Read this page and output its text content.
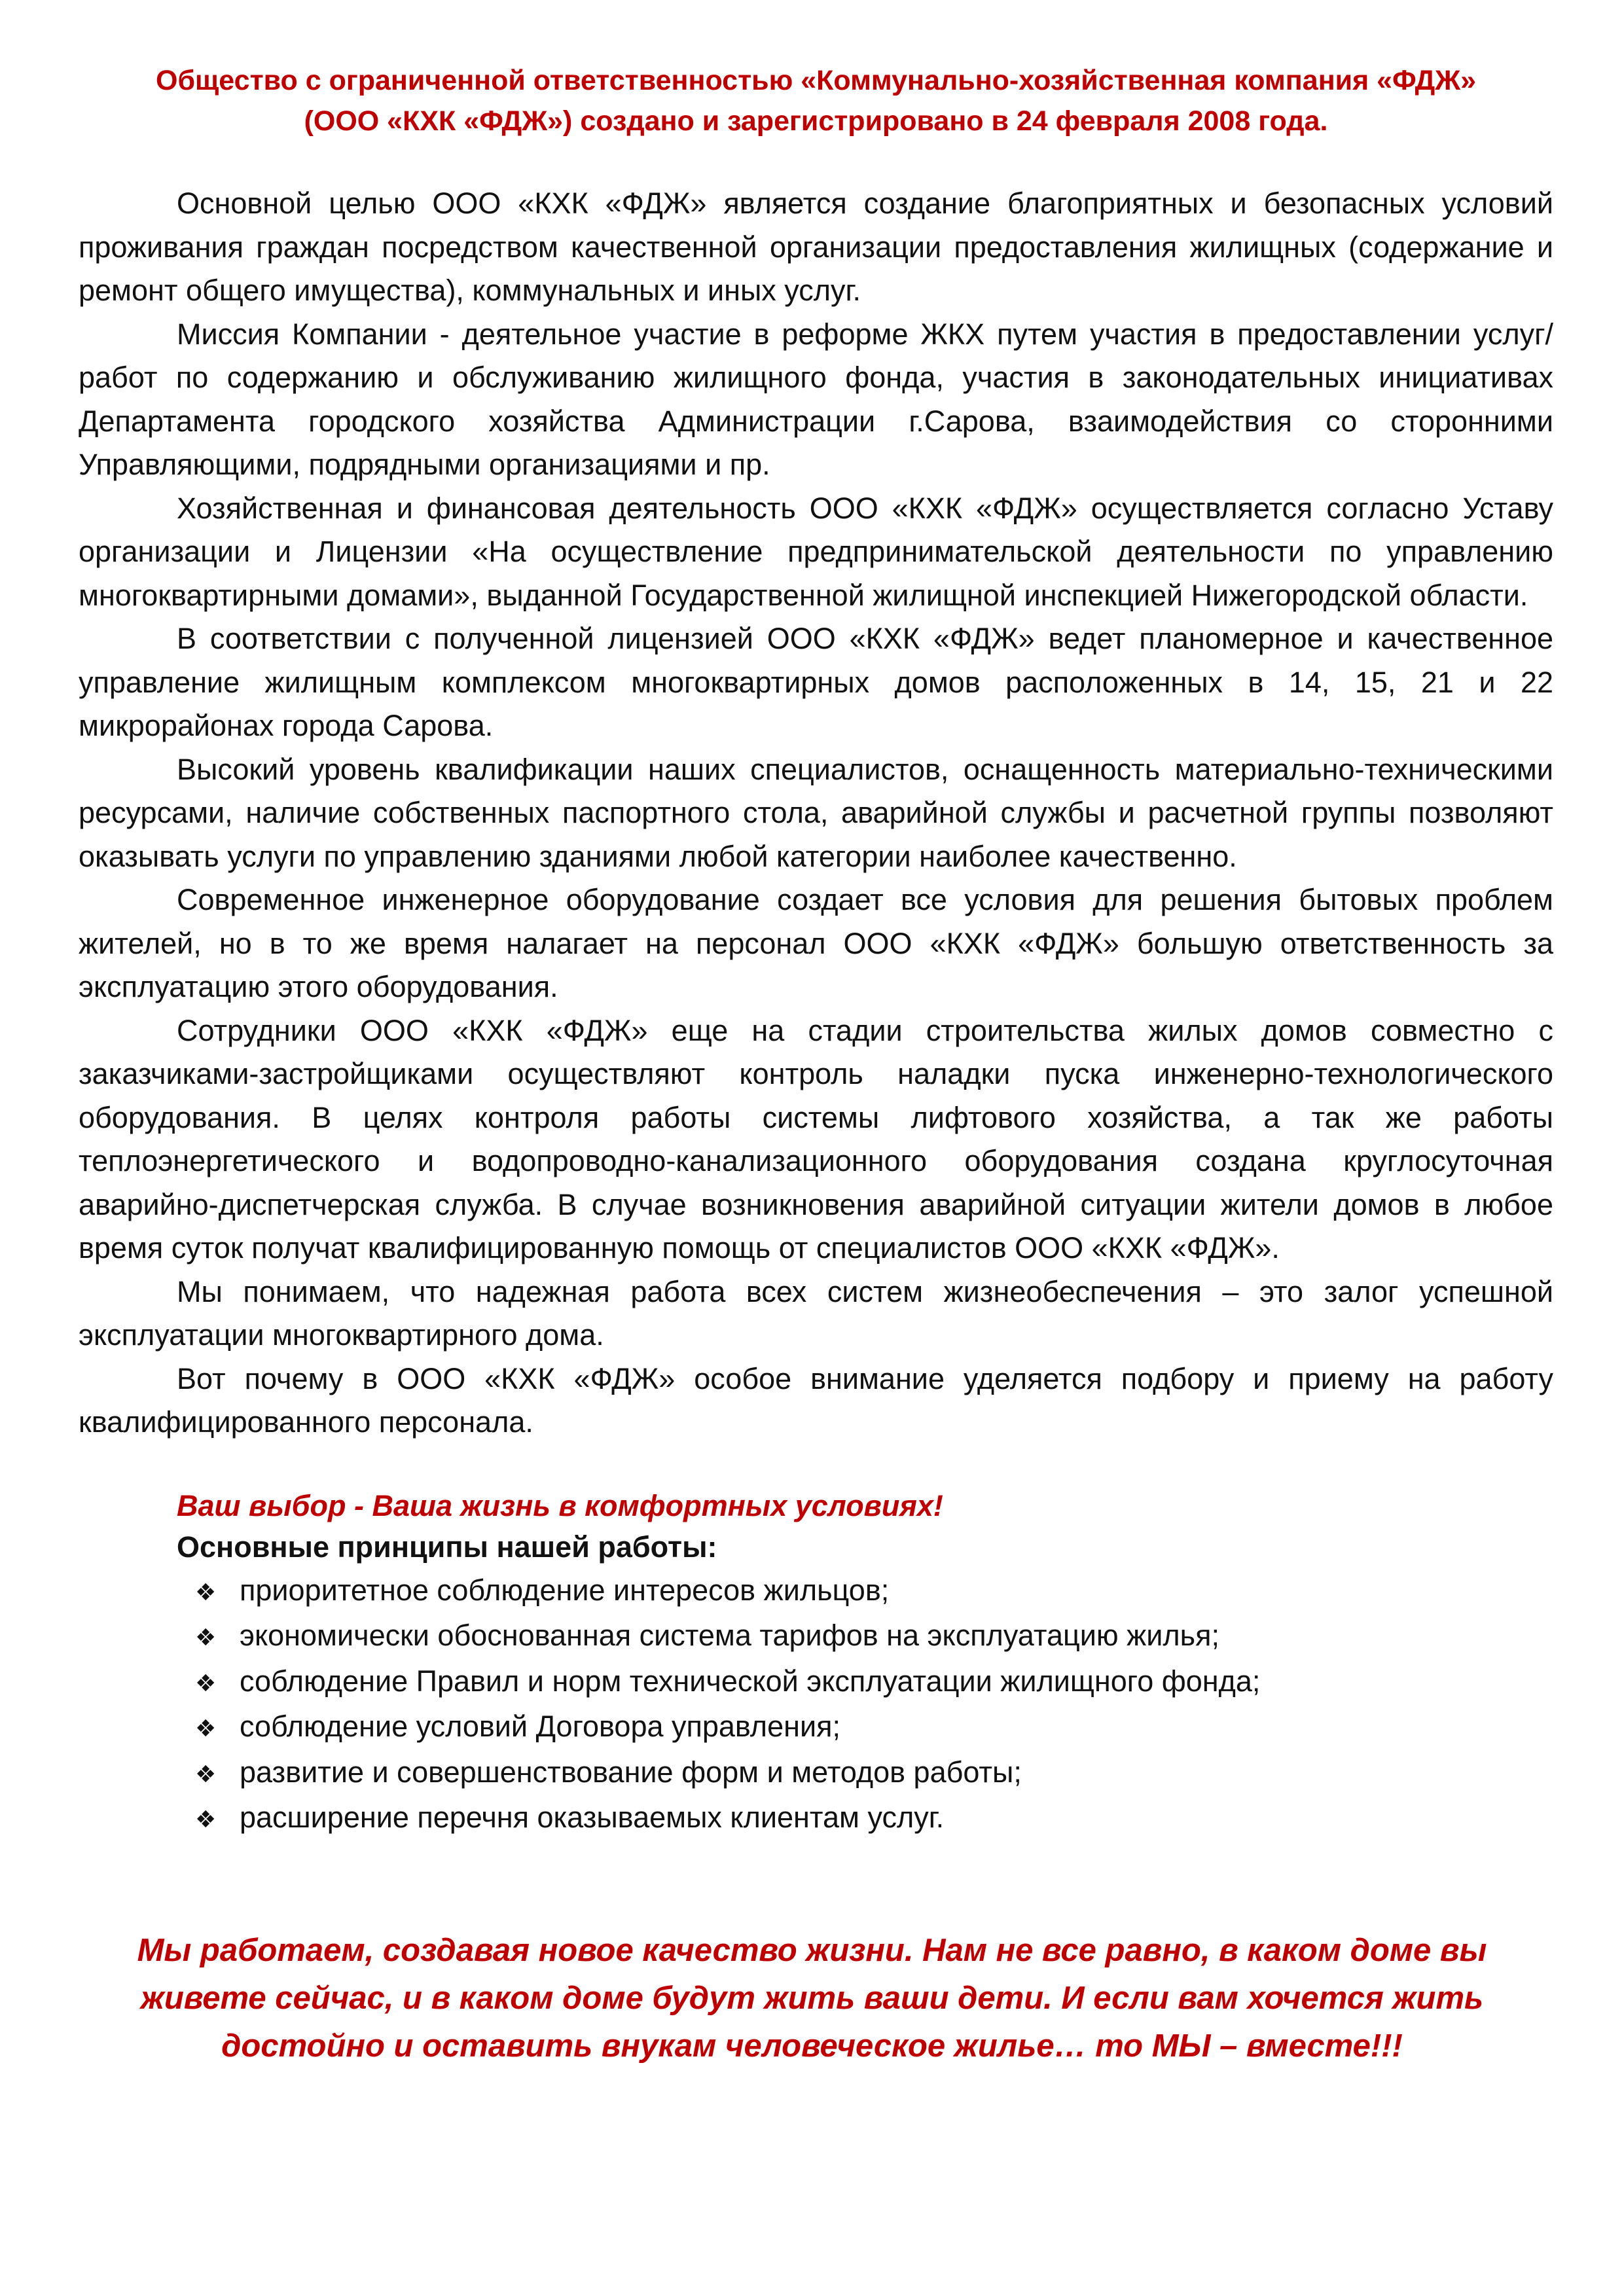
Общество с ограниченной ответственностью «Коммунально-хозяйственная компания «ФДЖ»
(ООО «КХК «ФДЖ») создано и зарегистрировано в 24 февраля 2008 года.

Основной целью ООО «КХК «ФДЖ» является создание благоприятных и безопасных условий проживания граждан посредством качественной организации предоставления жилищных (содержание и ремонт общего имущества), коммунальных и иных услуг.

Миссия Компании - деятельное участие в реформе ЖКХ путем участия в предоставлении услуг/работ по содержанию и обслуживанию жилищного фонда, участия в законодательных инициативах Департамента городского хозяйства Администрации г.Сарова, взаимодействия со сторонними Управляющими, подрядными организациями и пр.

Хозяйственная и финансовая деятельность ООО «КХК «ФДЖ» осуществляется согласно Уставу организации и Лицензии «На осуществление предпринимательской деятельности по управлению многоквартирными домами», выданной Государственной жилищной инспекцией Нижегородской области.

В соответствии с полученной лицензией ООО «КХК «ФДЖ» ведет планомерное и качественное управление жилищным комплексом многоквартирных домов расположенных в 14, 15, 21 и 22 микрорайонах города Сарова.

Высокий уровень квалификации наших специалистов, оснащенность материально-техническими ресурсами, наличие собственных паспортного стола, аварийной службы и расчетной группы позволяют оказывать услуги по управлению зданиями любой категории наиболее качественно.

Современное инженерное оборудование создает все условия для решения бытовых проблем жителей, но в то же время налагает на персонал ООО «КХК «ФДЖ» большую ответственность за эксплуатацию этого оборудования.

Сотрудники ООО «КХК «ФДЖ» еще на стадии строительства жилых домов совместно с заказчиками-застройщиками осуществляют контроль наладки пуска инженерно-технологического оборудования. В целях контроля работы системы лифтового хозяйства, а так же работы теплоэнергетического и водопроводно-канализационного оборудования создана круглосуточная аварийно-диспетчерская служба. В случае возникновения аварийной ситуации жители домов в любое время суток получат квалифицированную помощь от специалистов ООО «КХК «ФДЖ».

Мы понимаем, что надежная работа всех систем жизнеобеспечения – это залог успешной эксплуатации многоквартирного дома.

Вот почему в ООО «КХК «ФДЖ» особое внимание уделяется подбору и приему на работу квалифицированного персонала.

Ваш выбор - Ваша жизнь в комфортных условиях!
Основные принципы нашей работы:
❖ приоритетное соблюдение интересов жильцов;
❖ экономически обоснованная система тарифов на эксплуатацию жилья;
❖ соблюдение Правил и норм технической эксплуатации жилищного фонда;
❖ соблюдение условий Договора управления;
❖ развитие и совершенствование форм и методов работы;
❖ расширение перечня оказываемых клиентам услуг.
Мы работаем, создавая новое качество жизни. Нам не все равно, в каком доме вы
живете сейчас, и в каком доме будут жить ваши дети. И если вам хочется жить
достойно и оставить внукам человеческое жилье… то МЫ – вместе!!!
